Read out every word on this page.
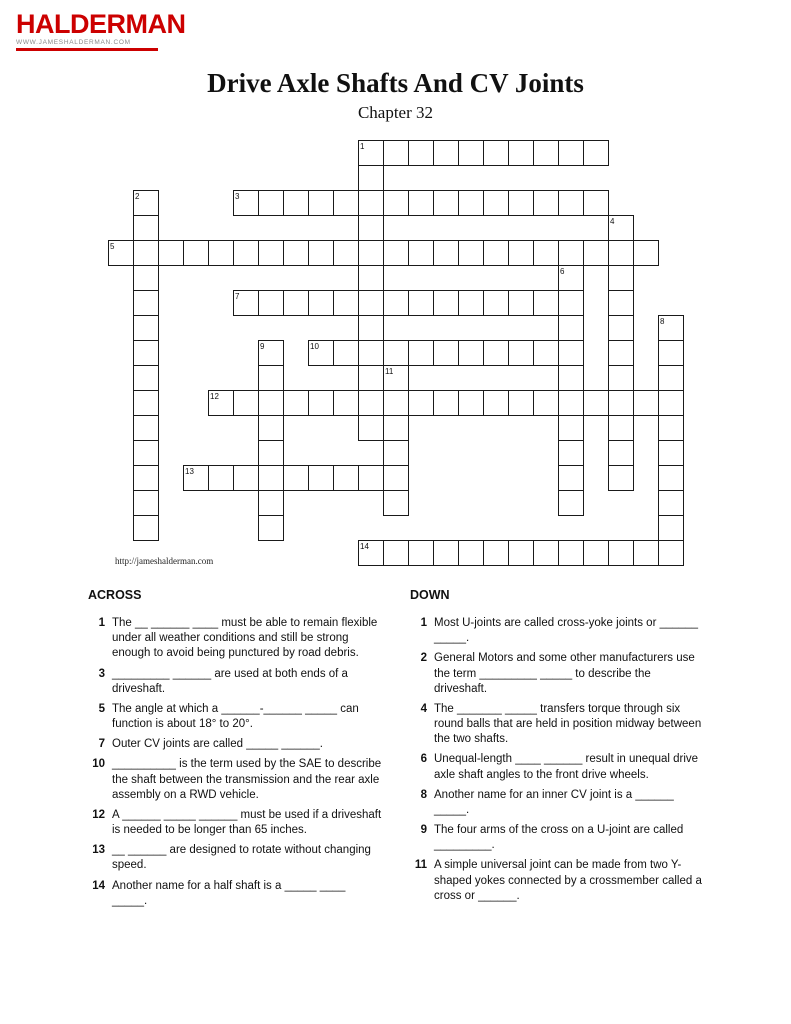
HALDERMAN
WWW.JAMESHALDERMAN.COM
Drive Axle Shafts And CV Joints
Chapter 32
1
2	3
4
5
6
7
8
9	10
11
12
13
14
http://jameshalderman.com
ACROSS
1 The __ ______ ____ must be able to remain flexible under all weather conditions and still be strong enough to avoid being punctured by road debris.
3 _________ ______ are used at both ends of a driveshaft.
5 The angle at which a ______-______ _____ can function is about 18° to 20°.
7 Outer CV joints are called _____ ______.
10 __________ is the term used by the SAE to describe the shaft between the transmission and the rear axle assembly on a RWD vehicle.
12 A ______ _____ ______ must be used if a driveshaft is needed to be longer than 65 inches.
13 __ ______ are designed to rotate without changing speed.
14 Another name for a half shaft is a _____ ____ _____.
DOWN
1 Most U-joints are called cross-yoke joints or ______ _____.
2 General Motors and some other manufacturers use the term _________ _____ to describe the driveshaft.
4 The _______ _____ transfers torque through six round balls that are held in position midway between the two shafts.
6 Unequal-length ____ ______ result in unequal drive axle shaft angles to the front drive wheels.
8 Another name for an inner CV joint is a ______ _____.
9 The four arms of the cross on a U-joint are called _________.
11 A simple universal joint can be made from two Y-shaped yokes connected by a crossmember called a cross or ______.
